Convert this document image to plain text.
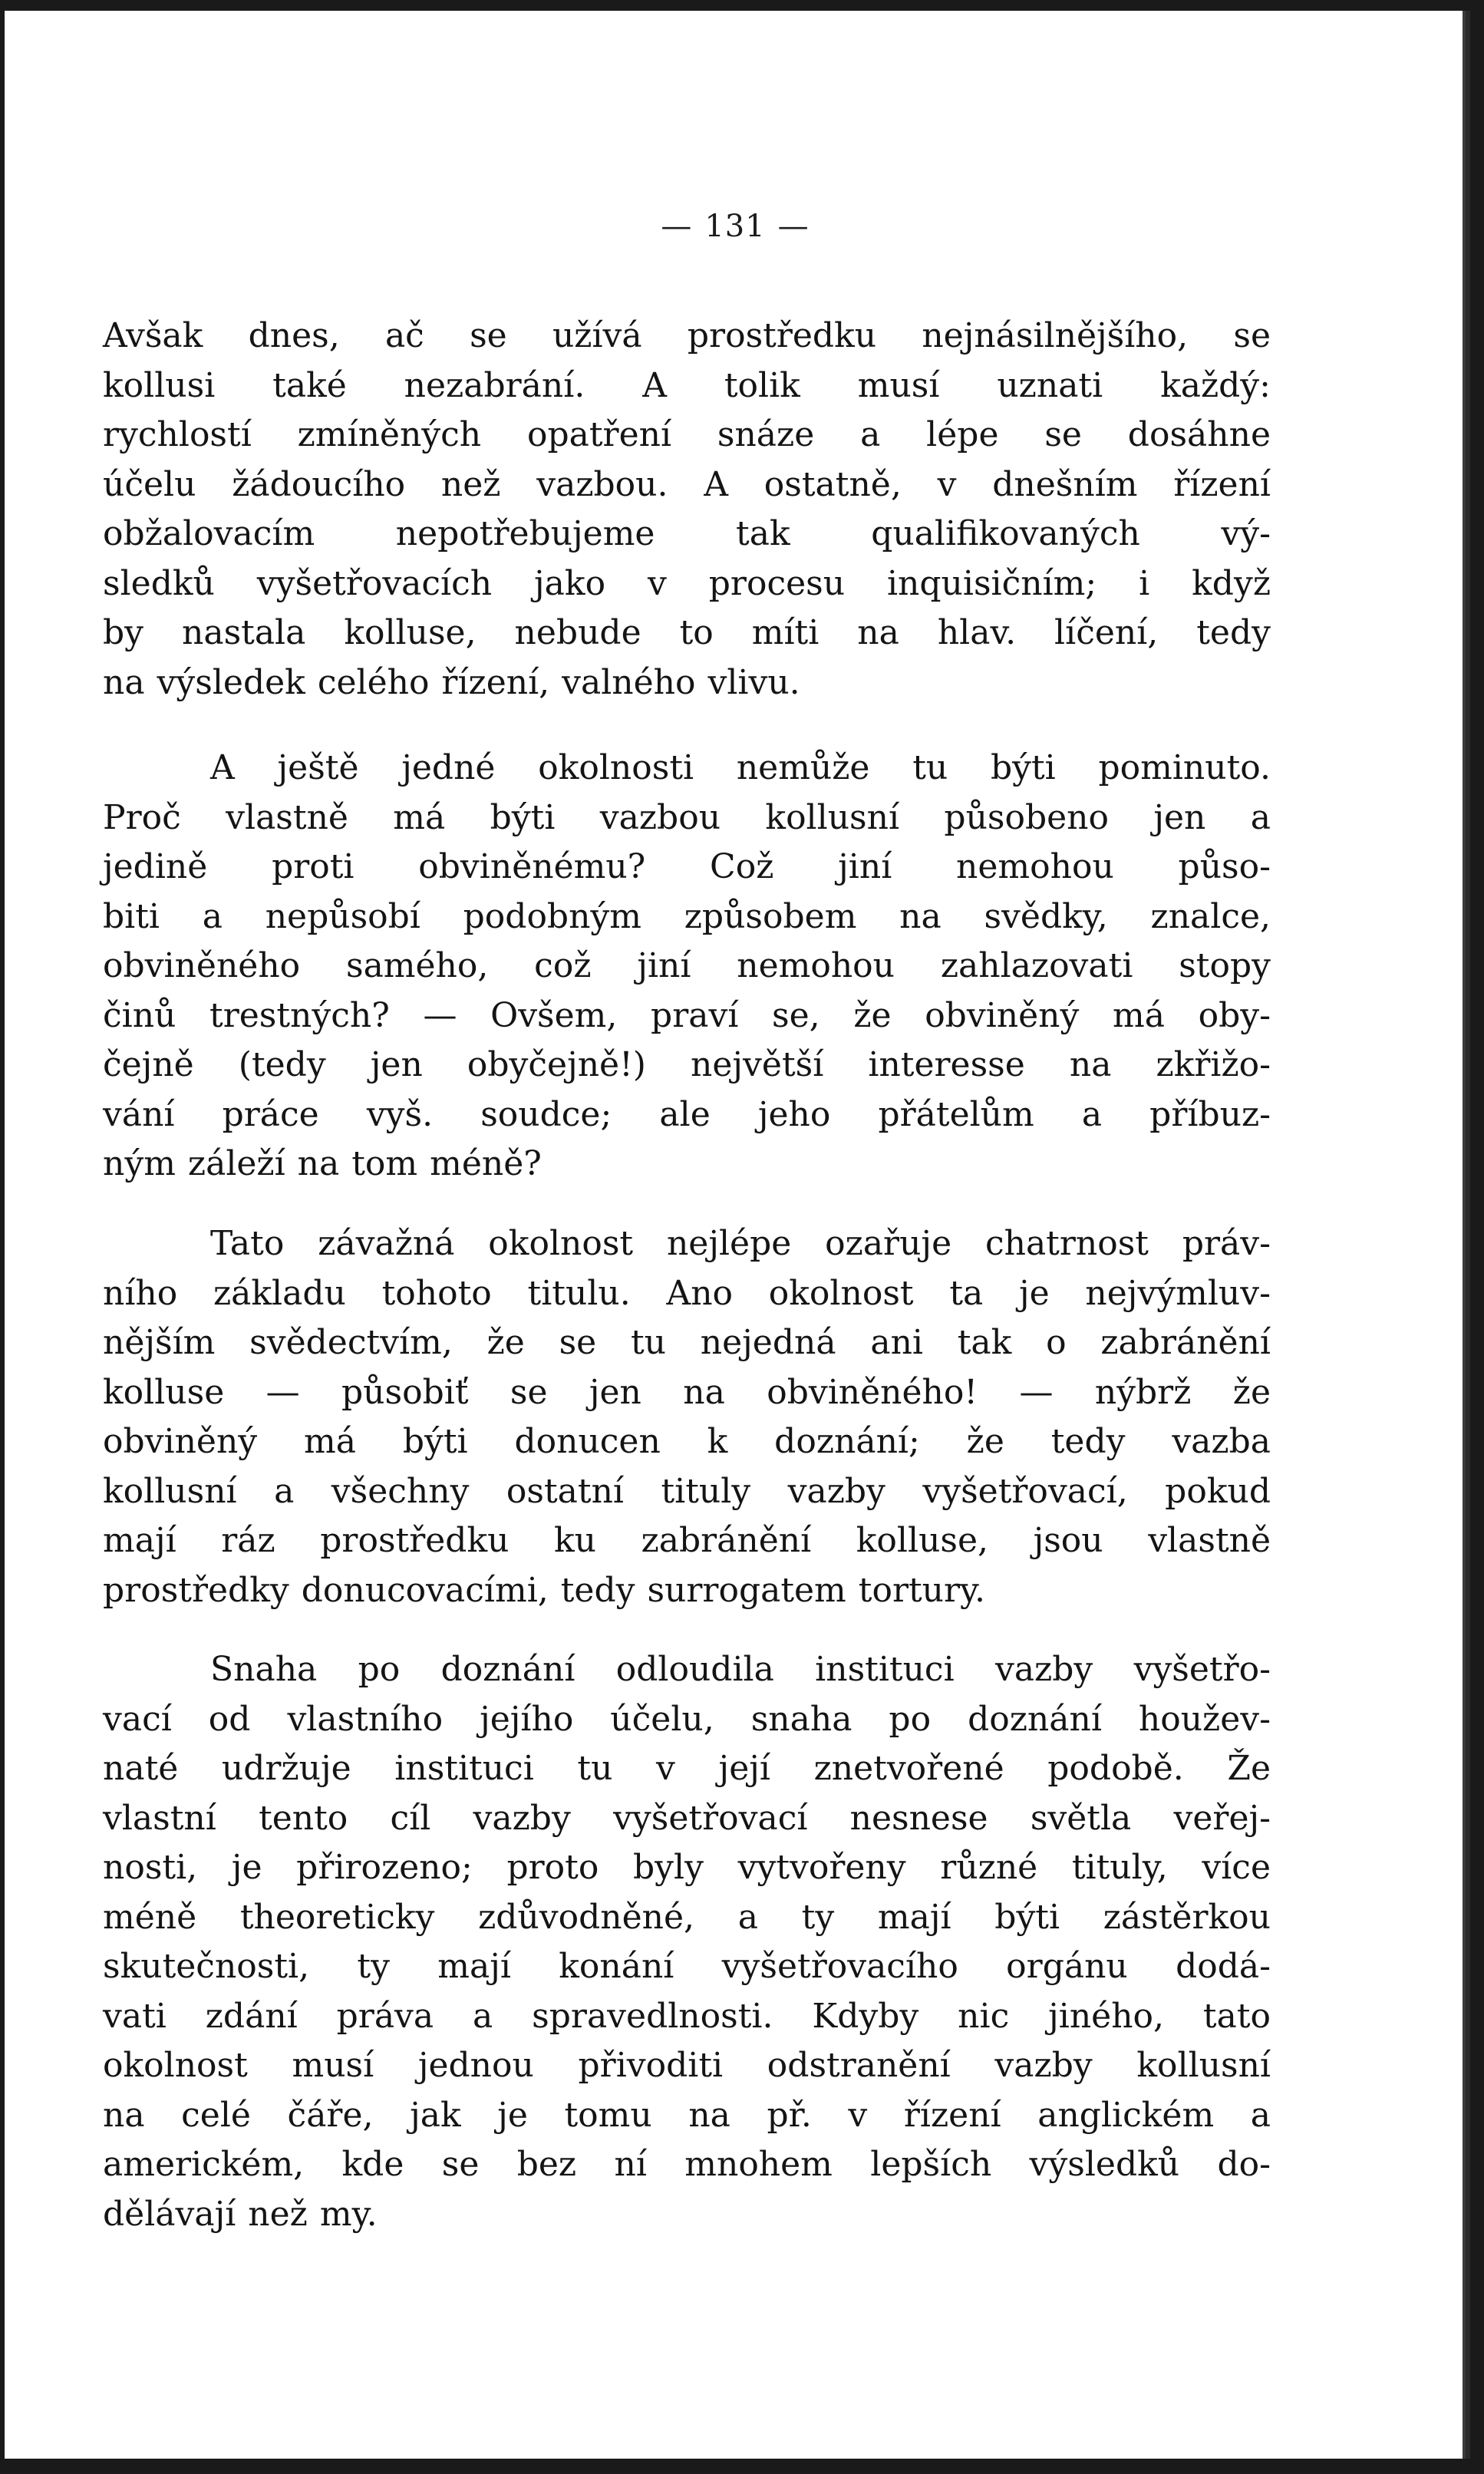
— 131 —
Avšak dnes, ač se užívá prostředku nejnásilnějšího, se
kollusi také nezabrání. A tolik musí uznati každý:
rychlostí zmíněných opatření snáze a lépe se dosáhne
účelu žádoucího než vazbou. A ostatně, v dnešním řízení
obžalovacím nepotřebujeme tak qualifikovaných vý-
sledků vyšetřovacích jako v procesu inquisičním; i když
by nastala kolluse, nebude to míti na hlav. líčení, tedy
na výsledek celého řízení, valného vlivu.
A ještě jedné okolnosti nemůže tu býti pominuto.
Proč vlastně má býti vazbou kollusní působeno jen a
jedině proti obviněnému? Což jiní nemohou půso-
biti a nepůsobí podobným způsobem na svědky, znalce,
obviněného samého, což jiní nemohou zahlazovati stopy
činů trestných? — Ovšem, praví se, že obviněný má oby-
čejně (tedy jen obyčejně!) největší interesse na zkřižo-
vání práce vyš. soudce; ale jeho přátelům a příbuz-
ným záleží na tom méně?
Tato závažná okolnost nejlépe ozařuje chatrnost práv-
ního základu tohoto titulu. Ano okolnost ta je nejvýmluv-
nějším svědectvím, že se tu nejedná ani tak o zabránění
kolluse — působiť se jen na obviněného! — nýbrž že
obviněný má býti donucen k doznání; že tedy vazba
kollusní a všechny ostatní tituly vazby vyšetřovací, pokud
mají ráz prostředku ku zabránění kolluse, jsou vlastně
prostředky donucovacími, tedy surrogatem tortury.
Snaha po doznání odloudila instituci vazby vyšetřo-
vací od vlastního jejího účelu, snaha po doznání houžev-
naté udržuje instituci tu v její znetvořené podobě. Že
vlastní tento cíl vazby vyšetřovací nesnese světla veřej-
nosti, je přirozeno; proto byly vytvořeny různé tituly, více
méně theoreticky zdůvodněné, a ty mají býti zástěrkou
skutečnosti, ty mají konání vyšetřovacího orgánu dodá-
vati zdání práva a spravedlnosti. Kdyby nic jiného, tato
okolnost musí jednou přivoditi odstranění vazby kollusní
na celé čáře, jak je tomu na př. v řízení anglickém a
americkém, kde se bez ní mnohem lepších výsledků do-
dělávají než my.
